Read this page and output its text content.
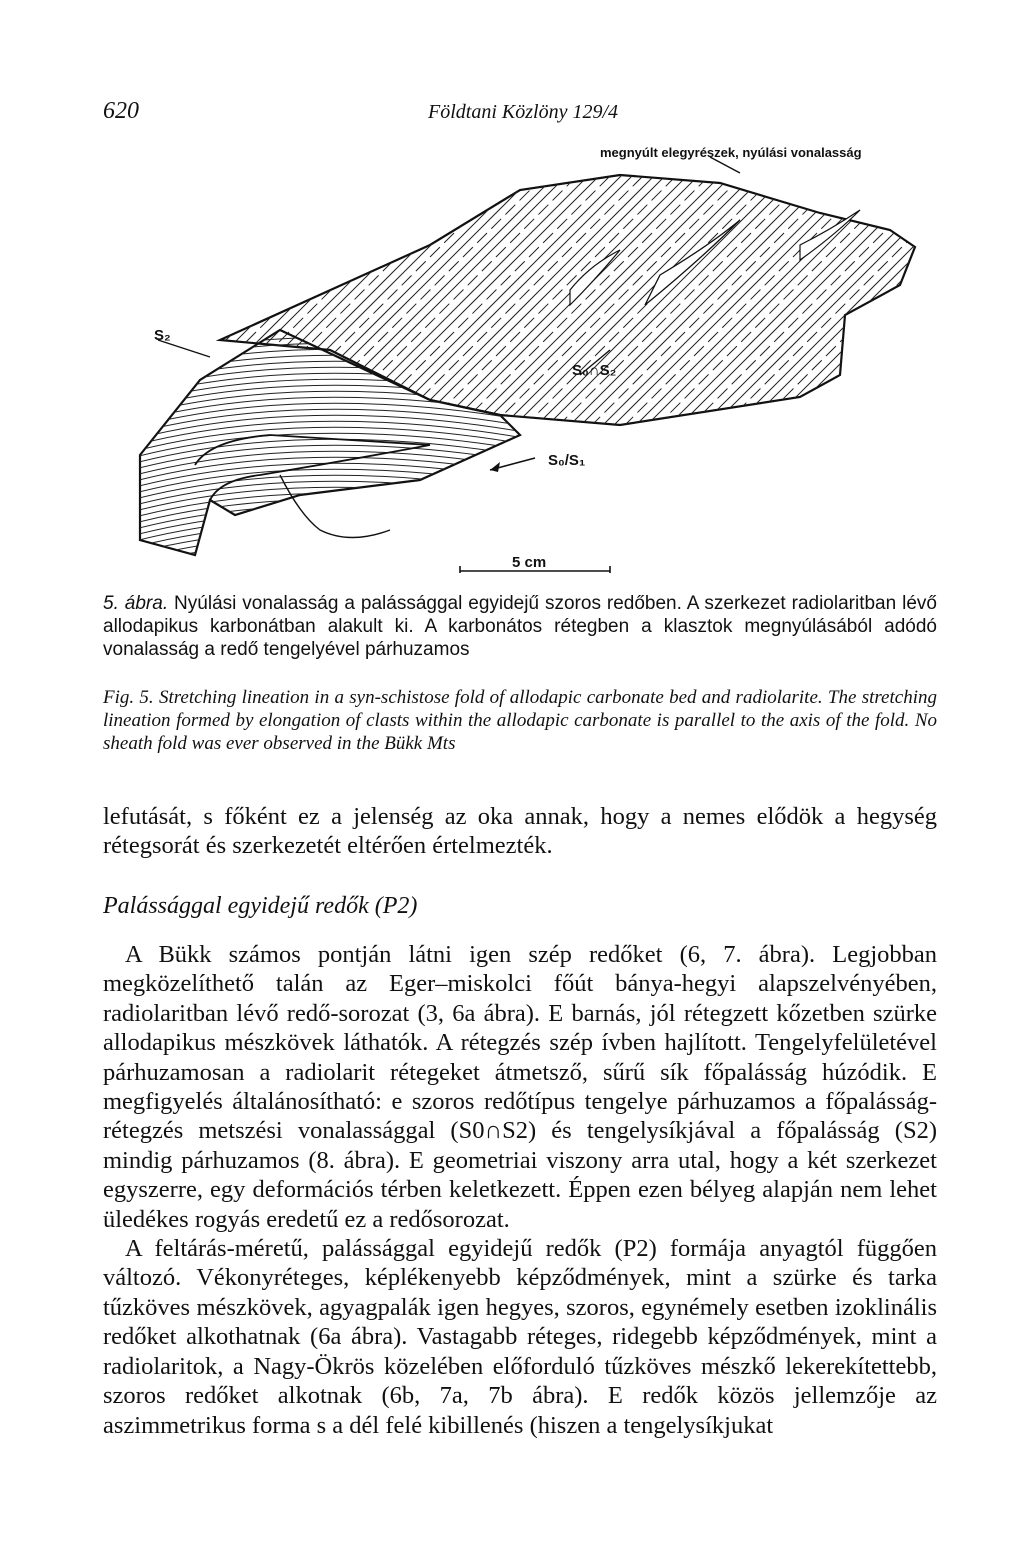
620	Földtani Közlöny 129/4
megnyúlt elegyrészek, nyúlási vonalasság
S₂
S₀∩S₂
S₀/S₁
5 cm
5. ábra. Nyúlási vonalasság a palássággal egyidejű szoros redőben. A szerkezet radiolaritban lévő allodapikus karbonátban alakult ki. A karbonátos rétegben a klasztok megnyúlásából adódó vonalasság a redő tengelyével párhuzamos
Fig. 5. Stretching lineation in a syn-schistose fold of allodapic carbonate bed and radiolarite. The stretching lineation formed by elongation of clasts within the allodapic carbonate is parallel to the axis of the fold. No sheath fold was ever observed in the Bükk Mts
lefutását, s főként ez a jelenség az oka annak, hogy a nemes elődök a hegység rétegsorát és szerkezetét eltérően értelmezték.
Palássággal egyidejű redők (P2)

A Bükk számos pontján látni igen szép redőket (6, 7. ábra). Legjobban megközelíthető talán az Eger–miskolci főút bánya-hegyi alapszelvényében, radiolaritban lévő redő-sorozat (3, 6a ábra). E barnás, jól rétegzett kőzetben szürke allodapikus mészkövek láthatók. A rétegzés szép ívben hajlított. Tengelyfelületével párhuzamosan a radiolarit rétegeket átmetsző, sűrű sík főpalásság húzódik. E megfigyelés általánosítható: e szoros redőtípus tengelye párhuzamos a főpalásság-rétegzés metszési vonalassággal (S0∩S2) és tengelysíkjával a főpalásság (S2) mindig párhuzamos (8. ábra). E geometriai viszony arra utal, hogy a két szerkezet egyszerre, egy deformációs térben keletkezett. Éppen ezen bélyeg alapján nem lehet üledékes rogyás eredetű ez a redősorozat.

A feltárás-méretű, palássággal egyidejű redők (P2) formája anyagtól függően változó. Vékonyréteges, képlékenyebb képződmények, mint a szürke és tarka tűzköves mészkövek, agyagpalák igen hegyes, szoros, egynémely esetben izoklinális redőket alkothatnak (6a ábra). Vastagabb réteges, ridegebb képződmények, mint a radiolaritok, a Nagy-Ökrös közelében előforduló tűzköves mészkő lekerekítettebb, szoros redőket alkotnak (6b, 7a, 7b ábra). E redők közös jellemzője az aszimmetrikus forma s a dél felé kibillenés (hiszen a tengelysíkjukat
